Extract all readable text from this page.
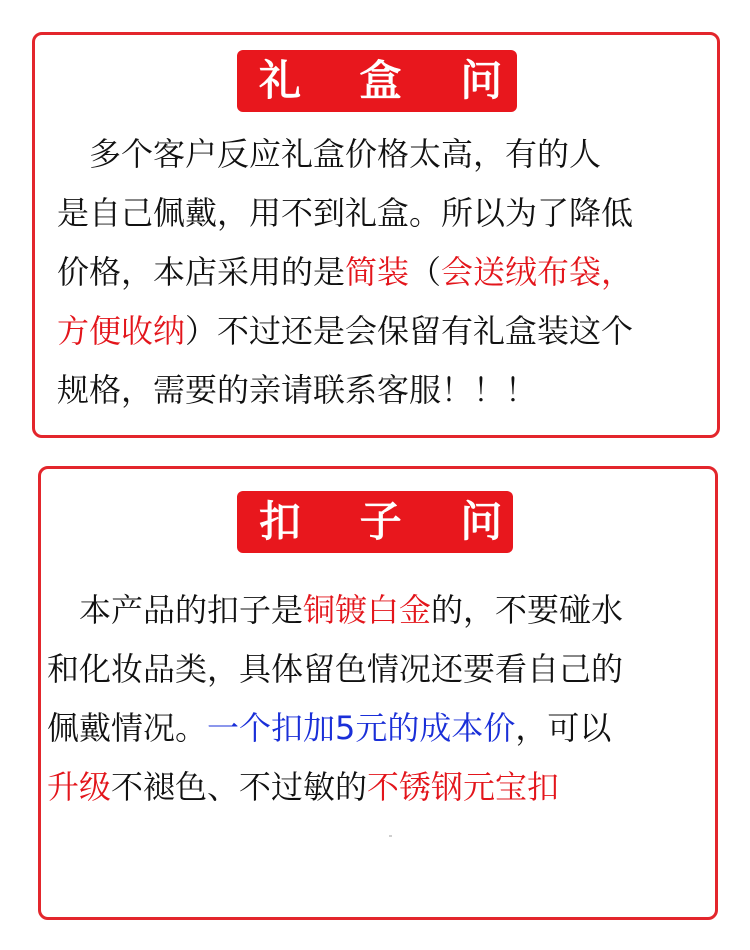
礼 盒 问 题
　多个客户反应礼盒价格太高，有的人
是自己佩戴，用不到礼盒。所以为了降低
价格，本店采用的是简装（会送绒布袋，
方便收纳）不过还是会保留有礼盒装这个
规格，需要的亲请联系客服！！！
扣 子 问 题
　本产品的扣子是铜镀白金的，不要碰水
和化妆品类，具体留色情况还要看自己的
佩戴情况。一个扣加5元的成本价，可以
升级不褪色、不过敏的不锈钢元宝扣
